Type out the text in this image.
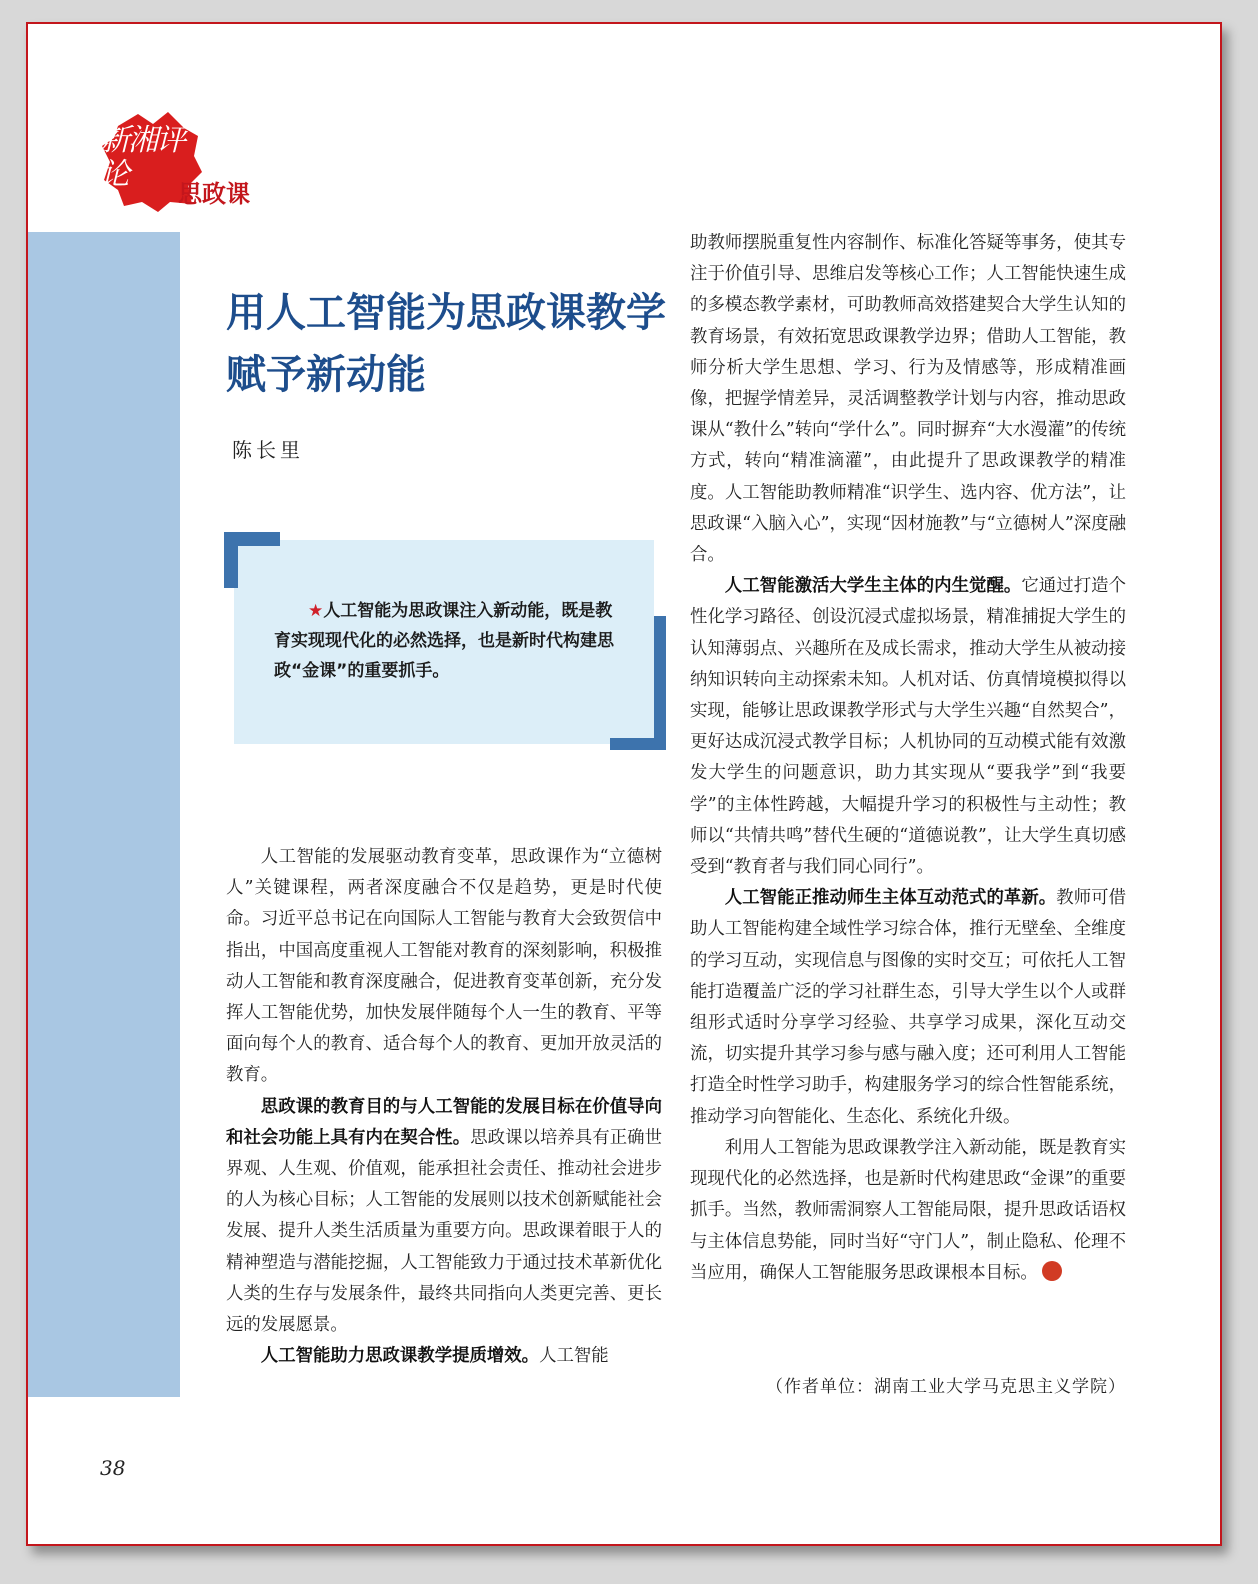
新湘评论
思政课
用人工智能为思政课教学赋予新动能
陈长里
★人工智能为思政课注入新动能，既是教育实现现代化的必然选择，也是新时代构建思政“金课”的重要抓手。

人工智能的发展驱动教育变革，思政课作为“立德树人”关键课程，两者深度融合不仅是趋势，更是时代使命。习近平总书记在向国际人工智能与教育大会致贺信中指出，中国高度重视人工智能对教育的深刻影响，积极推动人工智能和教育深度融合，促进教育变革创新，充分发挥人工智能优势，加快发展伴随每个人一生的教育、平等面向每个人的教育、适合每个人的教育、更加开放灵活的教育。

思政课的教育目的与人工智能的发展目标在价值导向和社会功能上具有内在契合性。思政课以培养具有正确世界观、人生观、价值观，能承担社会责任、推动社会进步的人为核心目标；人工智能的发展则以技术创新赋能社会发展、提升人类生活质量为重要方向。思政课着眼于人的精神塑造与潜能挖掘，人工智能致力于通过技术革新优化人类的生存与发展条件，最终共同指向人类更完善、更长远的发展愿景。

人工智能助力思政课教学提质增效。人工智能

助教师摆脱重复性内容制作、标准化答疑等事务，使其专注于价值引导、思维启发等核心工作；人工智能快速生成的多模态教学素材，可助教师高效搭建契合大学生认知的教育场景，有效拓宽思政课教学边界；借助人工智能，教师分析大学生思想、学习、行为及情感等，形成精准画像，把握学情差异，灵活调整教学计划与内容，推动思政课从“教什么”转向“学什么”。同时摒弃“大水漫灌”的传统方式，转向“精准滴灌”，由此提升了思政课教学的精准度。人工智能助教师精准“识学生、选内容、优方法”，让思政课“入脑入心”，实现“因材施教”与“立德树人”深度融合。

人工智能激活大学生主体的内生觉醒。它通过打造个性化学习路径、创设沉浸式虚拟场景，精准捕捉大学生的认知薄弱点、兴趣所在及成长需求，推动大学生从被动接纳知识转向主动探索未知。人机对话、仿真情境模拟得以实现，能够让思政课教学形式与大学生兴趣“自然契合”，更好达成沉浸式教学目标；人机协同的互动模式能有效激发大学生的问题意识，助力其实现从“要我学”到“我要学”的主体性跨越，大幅提升学习的积极性与主动性；教师以“共情共鸣”替代生硬的“道德说教”，让大学生真切感受到“教育者与我们同心同行”。

人工智能正推动师生主体互动范式的革新。教师可借助人工智能构建全域性学习综合体，推行无壁垒、全维度的学习互动，实现信息与图像的实时交互；可依托人工智能打造覆盖广泛的学习社群生态，引导大学生以个人或群组形式适时分享学习经验、共享学习成果，深化互动交流，切实提升其学习参与感与融入度；还可利用人工智能打造全时性学习助手，构建服务学习的综合性智能系统，推动学习向智能化、生态化、系统化升级。

利用人工智能为思政课教学注入新动能，既是教育实现现代化的必然选择，也是新时代构建思政“金课”的重要抓手。当然，教师需洞察人工智能局限，提升思政话语权与主体信息势能，同时当好“守门人”，制止隐私、伦理不当应用，确保人工智能服务思政课根本目标。

（作者单位：湖南工业大学马克思主义学院）
38
